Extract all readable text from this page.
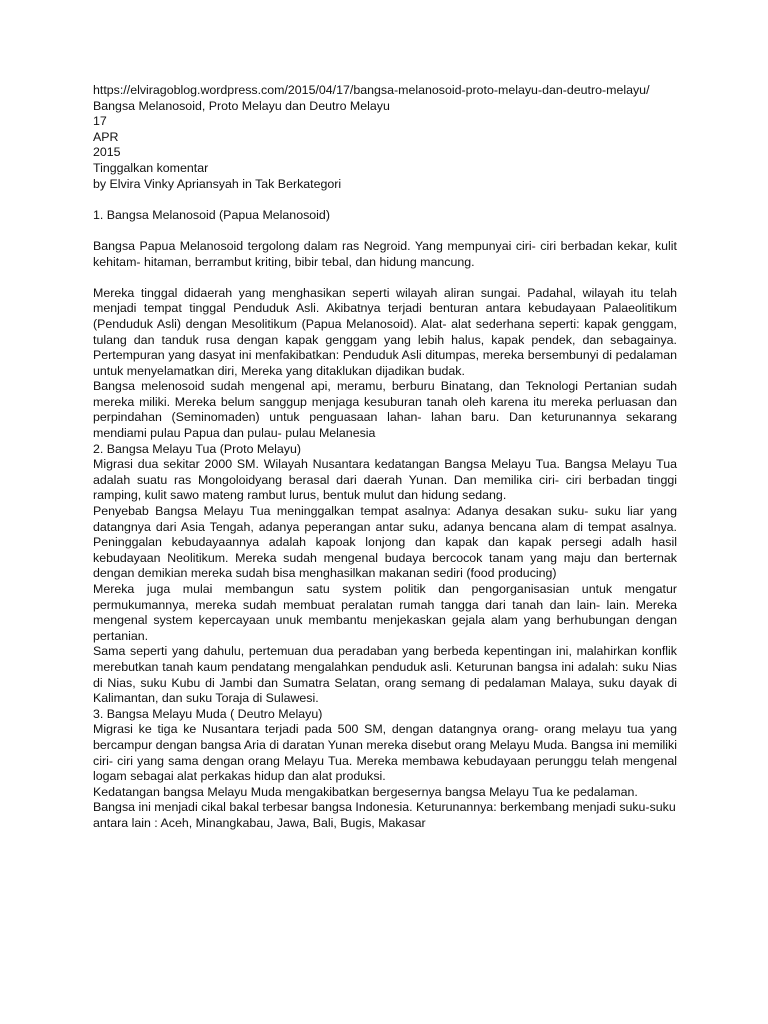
https://elviragoblog.wordpress.com/2015/04/17/bangsa-melanosoid-proto-melayu-dan-deutro-melayu/

Bangsa Melanosoid, Proto Melayu dan Deutro Melayu

17

APR

2015

Tinggalkan komentar

by Elvira Vinky Apriansyah in Tak Berkategori

1. Bangsa Melanosoid (Papua Melanosoid)

Bangsa Papua Melanosoid tergolong dalam ras Negroid. Yang mempunyai ciri- ciri berbadan kekar, kulit kehitam- hitaman, berrambut kriting, bibir tebal, dan hidung mancung.

Mereka tinggal didaerah yang menghasikan seperti wilayah aliran sungai. Padahal, wilayah itu telah menjadi tempat tinggal Penduduk Asli. Akibatnya terjadi benturan antara kebudayaan Palaeolitikum (Penduduk Asli) dengan Mesolitikum (Papua Melanosoid). Alat- alat sederhana seperti: kapak genggam, tulang dan tanduk rusa dengan kapak genggam yang lebih halus, kapak pendek, dan sebagainya. Pertempuran yang dasyat ini menfakibatkan: Penduduk Asli ditumpas, mereka bersembunyi di pedalaman untuk menyelamatkan diri, Mereka yang ditaklukan dijadikan budak.

Bangsa melenosoid sudah mengenal api, meramu, berburu Binatang, dan Teknologi Pertanian sudah mereka miliki. Mereka belum sanggup menjaga kesuburan tanah oleh karena itu mereka perluasan dan perpindahan (Seminomaden) untuk penguasaan lahan- lahan baru. Dan keturunannya sekarang mendiami pulau Papua dan pulau- pulau Melanesia

2. Bangsa Melayu Tua (Proto Melayu)

Migrasi dua sekitar 2000 SM. Wilayah Nusantara kedatangan Bangsa Melayu Tua. Bangsa Melayu Tua adalah suatu ras Mongoloidyang berasal dari daerah Yunan. Dan memilika ciri- ciri berbadan tinggi ramping, kulit sawo mateng rambut lurus, bentuk mulut dan hidung sedang.

Penyebab Bangsa Melayu Tua meninggalkan tempat asalnya: Adanya desakan suku- suku liar yang datangnya dari Asia Tengah, adanya peperangan antar suku, adanya bencana alam di tempat asalnya. Peninggalan kebudayaannya adalah kapoak lonjong dan kapak dan kapak persegi adalh hasil kebudayaan Neolitikum. Mereka sudah mengenal budaya bercocok tanam yang maju dan berternak dengan demikian mereka sudah bisa menghasilkan makanan sediri (food producing)

Mereka juga mulai membangun satu system politik dan pengorganisasian untuk mengatur permukumannya, mereka sudah membuat peralatan rumah tangga dari tanah dan lain- lain. Mereka mengenal system kepercayaan unuk membantu menjekaskan gejala alam yang berhubungan dengan pertanian.

Sama seperti yang dahulu, pertemuan dua peradaban yang berbeda kepentingan ini, malahirkan konflik merebutkan tanah kaum pendatang mengalahkan penduduk asli. Keturunan bangsa ini adalah: suku Nias di Nias, suku Kubu di Jambi dan Sumatra Selatan, orang semang di pedalaman Malaya, suku dayak di Kalimantan, dan suku Toraja di Sulawesi.

3. Bangsa Melayu Muda ( Deutro Melayu)

Migrasi ke tiga ke Nusantara terjadi pada 500 SM, dengan datangnya orang- orang melayu tua yang bercampur dengan bangsa Aria di daratan Yunan mereka disebut orang Melayu Muda. Bangsa ini memiliki ciri- ciri yang sama dengan orang Melayu Tua. Mereka membawa kebudayaan perunggu telah mengenal logam sebagai alat perkakas hidup dan alat produksi.

Kedatangan bangsa Melayu Muda mengakibatkan bergesernya bangsa Melayu Tua ke pedalaman. Bangsa ini menjadi cikal bakal terbesar bangsa Indonesia. Keturunannya: berkembang menjadi suku-suku antara lain : Aceh, Minangkabau, Jawa, Bali, Bugis, Makasar
